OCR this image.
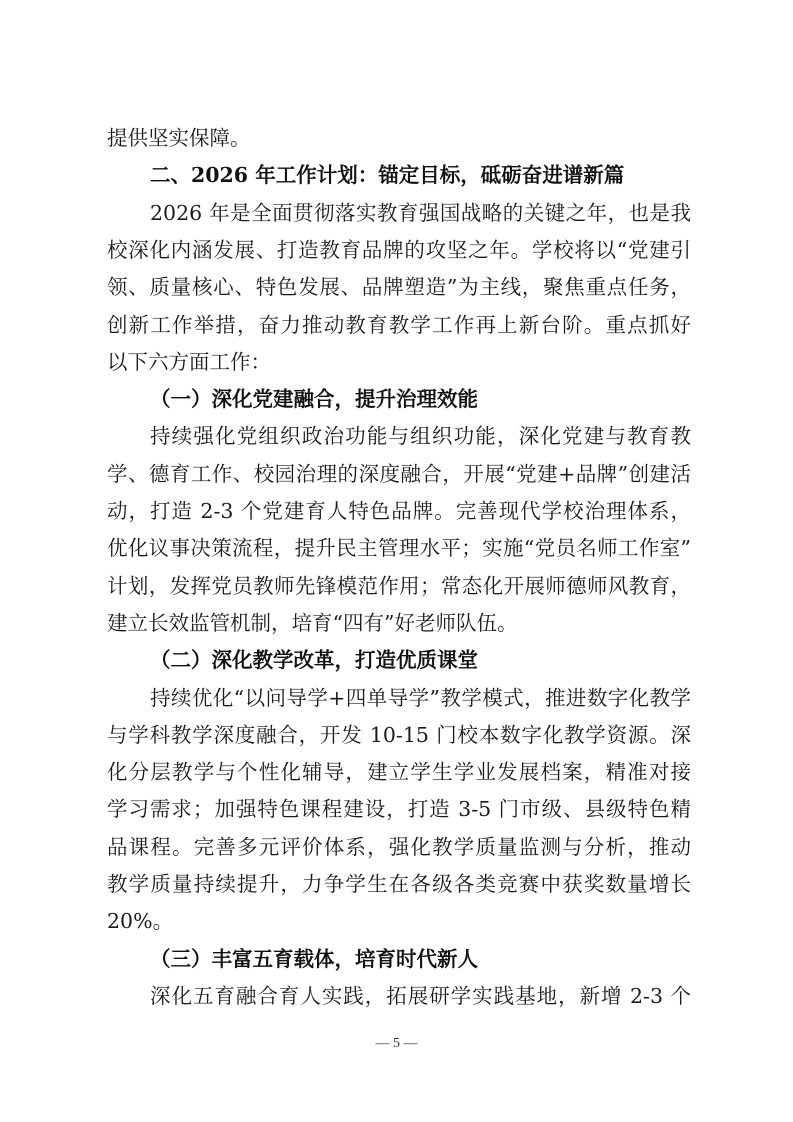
提供坚实保障。
二、2026 年工作计划：锚定目标，砥砺奋进谱新篇
2026 年是全面贯彻落实教育强国战略的关键之年，也是我
校深化内涵发展、打造教育品牌的攻坚之年。学校将以“党建引
领、质量核心、特色发展、品牌塑造”为主线，聚焦重点任务，
创新工作举措，奋力推动教育教学工作再上新台阶。重点抓好
以下六方面工作：
（一）深化党建融合，提升治理效能
持续强化党组织政治功能与组织功能，深化党建与教育教
学、德育工作、校园治理的深度融合，开展“党建+品牌”创建活
动，打造 2-3 个党建育人特色品牌。完善现代学校治理体系，
优化议事决策流程，提升民主管理水平；实施“党员名师工作室”
计划，发挥党员教师先锋模范作用；常态化开展师德师风教育，
建立长效监管机制，培育“四有”好老师队伍。
（二）深化教学改革，打造优质课堂
持续优化“以问导学+四单导学”教学模式，推进数字化教学
与学科教学深度融合，开发 10-15 门校本数字化教学资源。深
化分层教学与个性化辅导，建立学生学业发展档案，精准对接
学习需求；加强特色课程建设，打造 3-5 门市级、县级特色精
品课程。完善多元评价体系，强化教学质量监测与分析，推动
教学质量持续提升，力争学生在各级各类竞赛中获奖数量增长
20%。
（三）丰富五育载体，培育时代新人
深化五育融合育人实践，拓展研学实践基地，新增 2-3 个
— 5 —
